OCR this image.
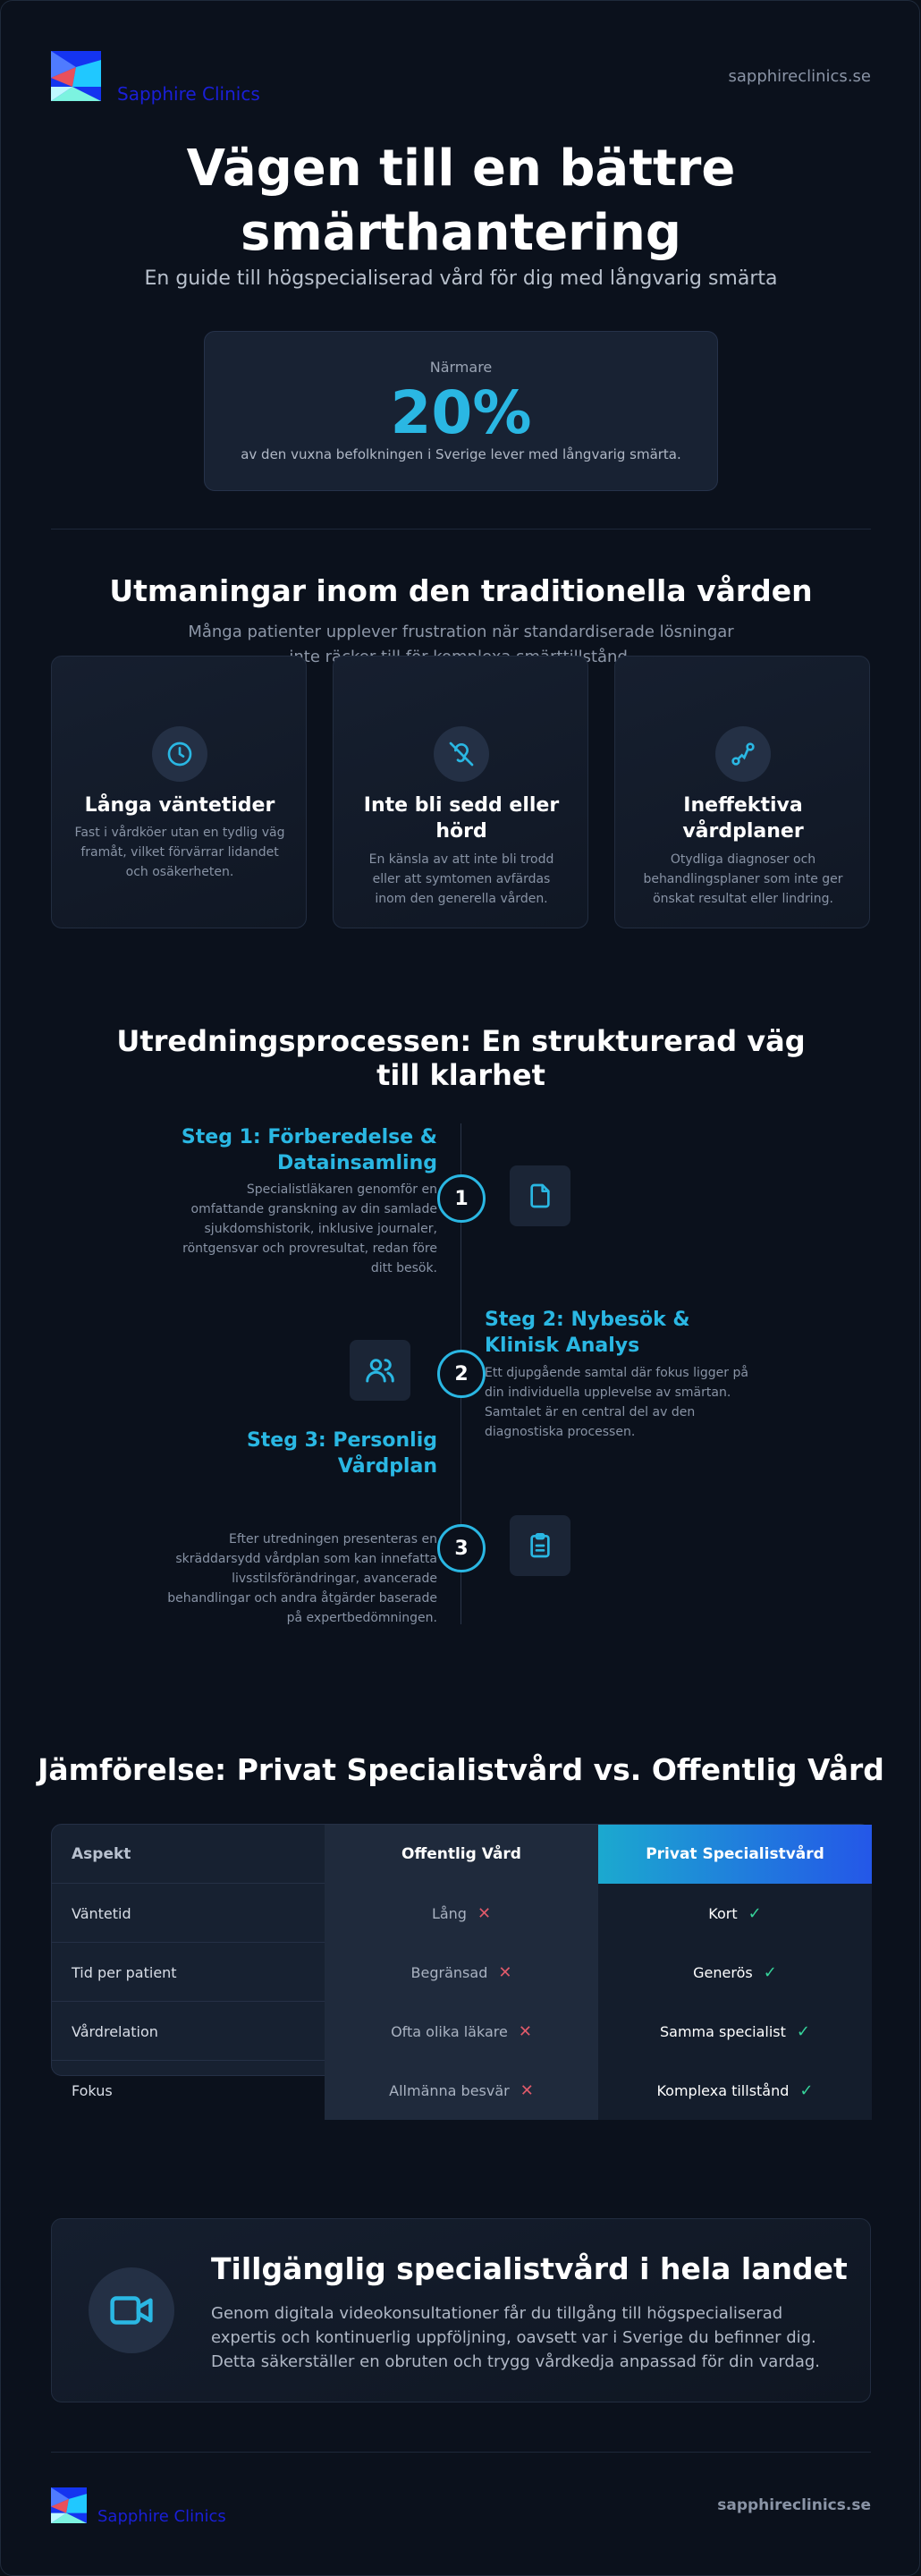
Sapphire Clinics
sapphireclinics.se
Vägen till en bättre smärthantering

En guide till högspecialiserad vård för dig med långvarig smärta

Närmare
20%
av den vuxna befolkningen i Sverige lever med långvarig smärta.
Utmaningar inom den traditionella vården

Många patienter upplever frustration när standardiserade lösningar inte

Långa väntetider
Fast i vårdköer utan en tydlig väg framåt, vilket förvärrar lidandet och osäkerheten.
Inte bli sedd eller hörd
En känsla av att inte bli trodd eller att symtomen avfärdas inom den generella vården.
Ineffektiva vårdplaner
Otydliga diagnoser och behandlingsplaner som inte ger önskat resultat eller lindring.
Utredningsprocessen: En strukturerad väg till klarhet
Steg 1: Förberedelse & Datainsamling
Specialistläkaren genomför en omfattande granskning av din samlade sjukdomshistorik, inklusive journaler, röntgensvar och provresultat, redan före ditt besök.
1
2
Steg 2: Nybesök & Klinisk Analys
Ett djupgående samtal där fokus ligger på din individuella upplevelse av smärtan. Samtalet är en central del av den diagnostiska processen.
Steg 3: Personlig Vårdplan
Efter utredningen presenteras en skräddarsydd vårdplan som kan innefatta livsstilsförändringar, avancerade behandlingar och andra åtgärder baserade på expertbedömningen.
3
Jämförelse: Privat Specialistvård vs. Offentlig Vård
Aspekt	Offentlig Vård	Privat Specialistvård
Väntetid	Lång ✕	Kort ✓
Tid per patient	Begränsad ✕	Generös ✓
Vårdrelation	Ofta olika läkare ✕	Samma specialist ✓
Fokus	Allmänna besvär ✕	Komplexa tillstånd ✓
Tillgänglig specialistvård i hela landet
Genom digitala videokonsultationer får du tillgång till högspecialiserad expertis och kontinuerlig uppföljning, oavsett var i Sverige du befinner dig. Detta säkerställer en obruten och trygg vårdkedja anpassad för din vardag.
Sapphire Clinics
sapphireclinics.se
